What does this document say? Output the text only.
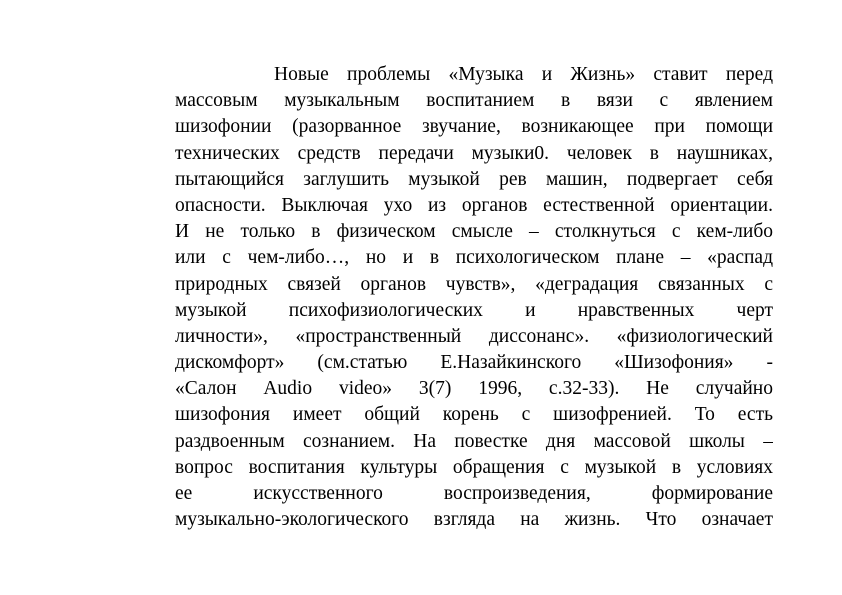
Новые проблемы «Музыка и Жизнь» ставит перед
массовым музыкальным воспитанием в вязи с явлением
шизофонии (разорванное звучание, возникающее при помощи
технических средств передачи музыки0. человек в наушниках,
пытающийся заглушить музыкой рев машин, подвергает себя
опасности. Выключая ухо из органов естественной ориентации.
И не только в физическом смысле – столкнуться с кем-либо
или с чем-либо…, но и в психологическом плане – «распад
природных связей органов чувств», «деградация связанных с
музыкой психофизиологических и нравственных черт
личности», «пространственный диссонанс». «физиологический
дискомфорт» (см.статью Е.Назайкинского «Шизофония» -
«Салон Audio video» 3(7) 1996, с.32-33). Не случайно
шизофония имеет общий корень с шизофренией. То есть
раздвоенным сознанием. На повестке дня массовой школы –
вопрос воспитания культуры обращения с музыкой в условиях
ее искусственного воспроизведения, формирование
музыкально-экологического взгляда на жизнь. Что означает
